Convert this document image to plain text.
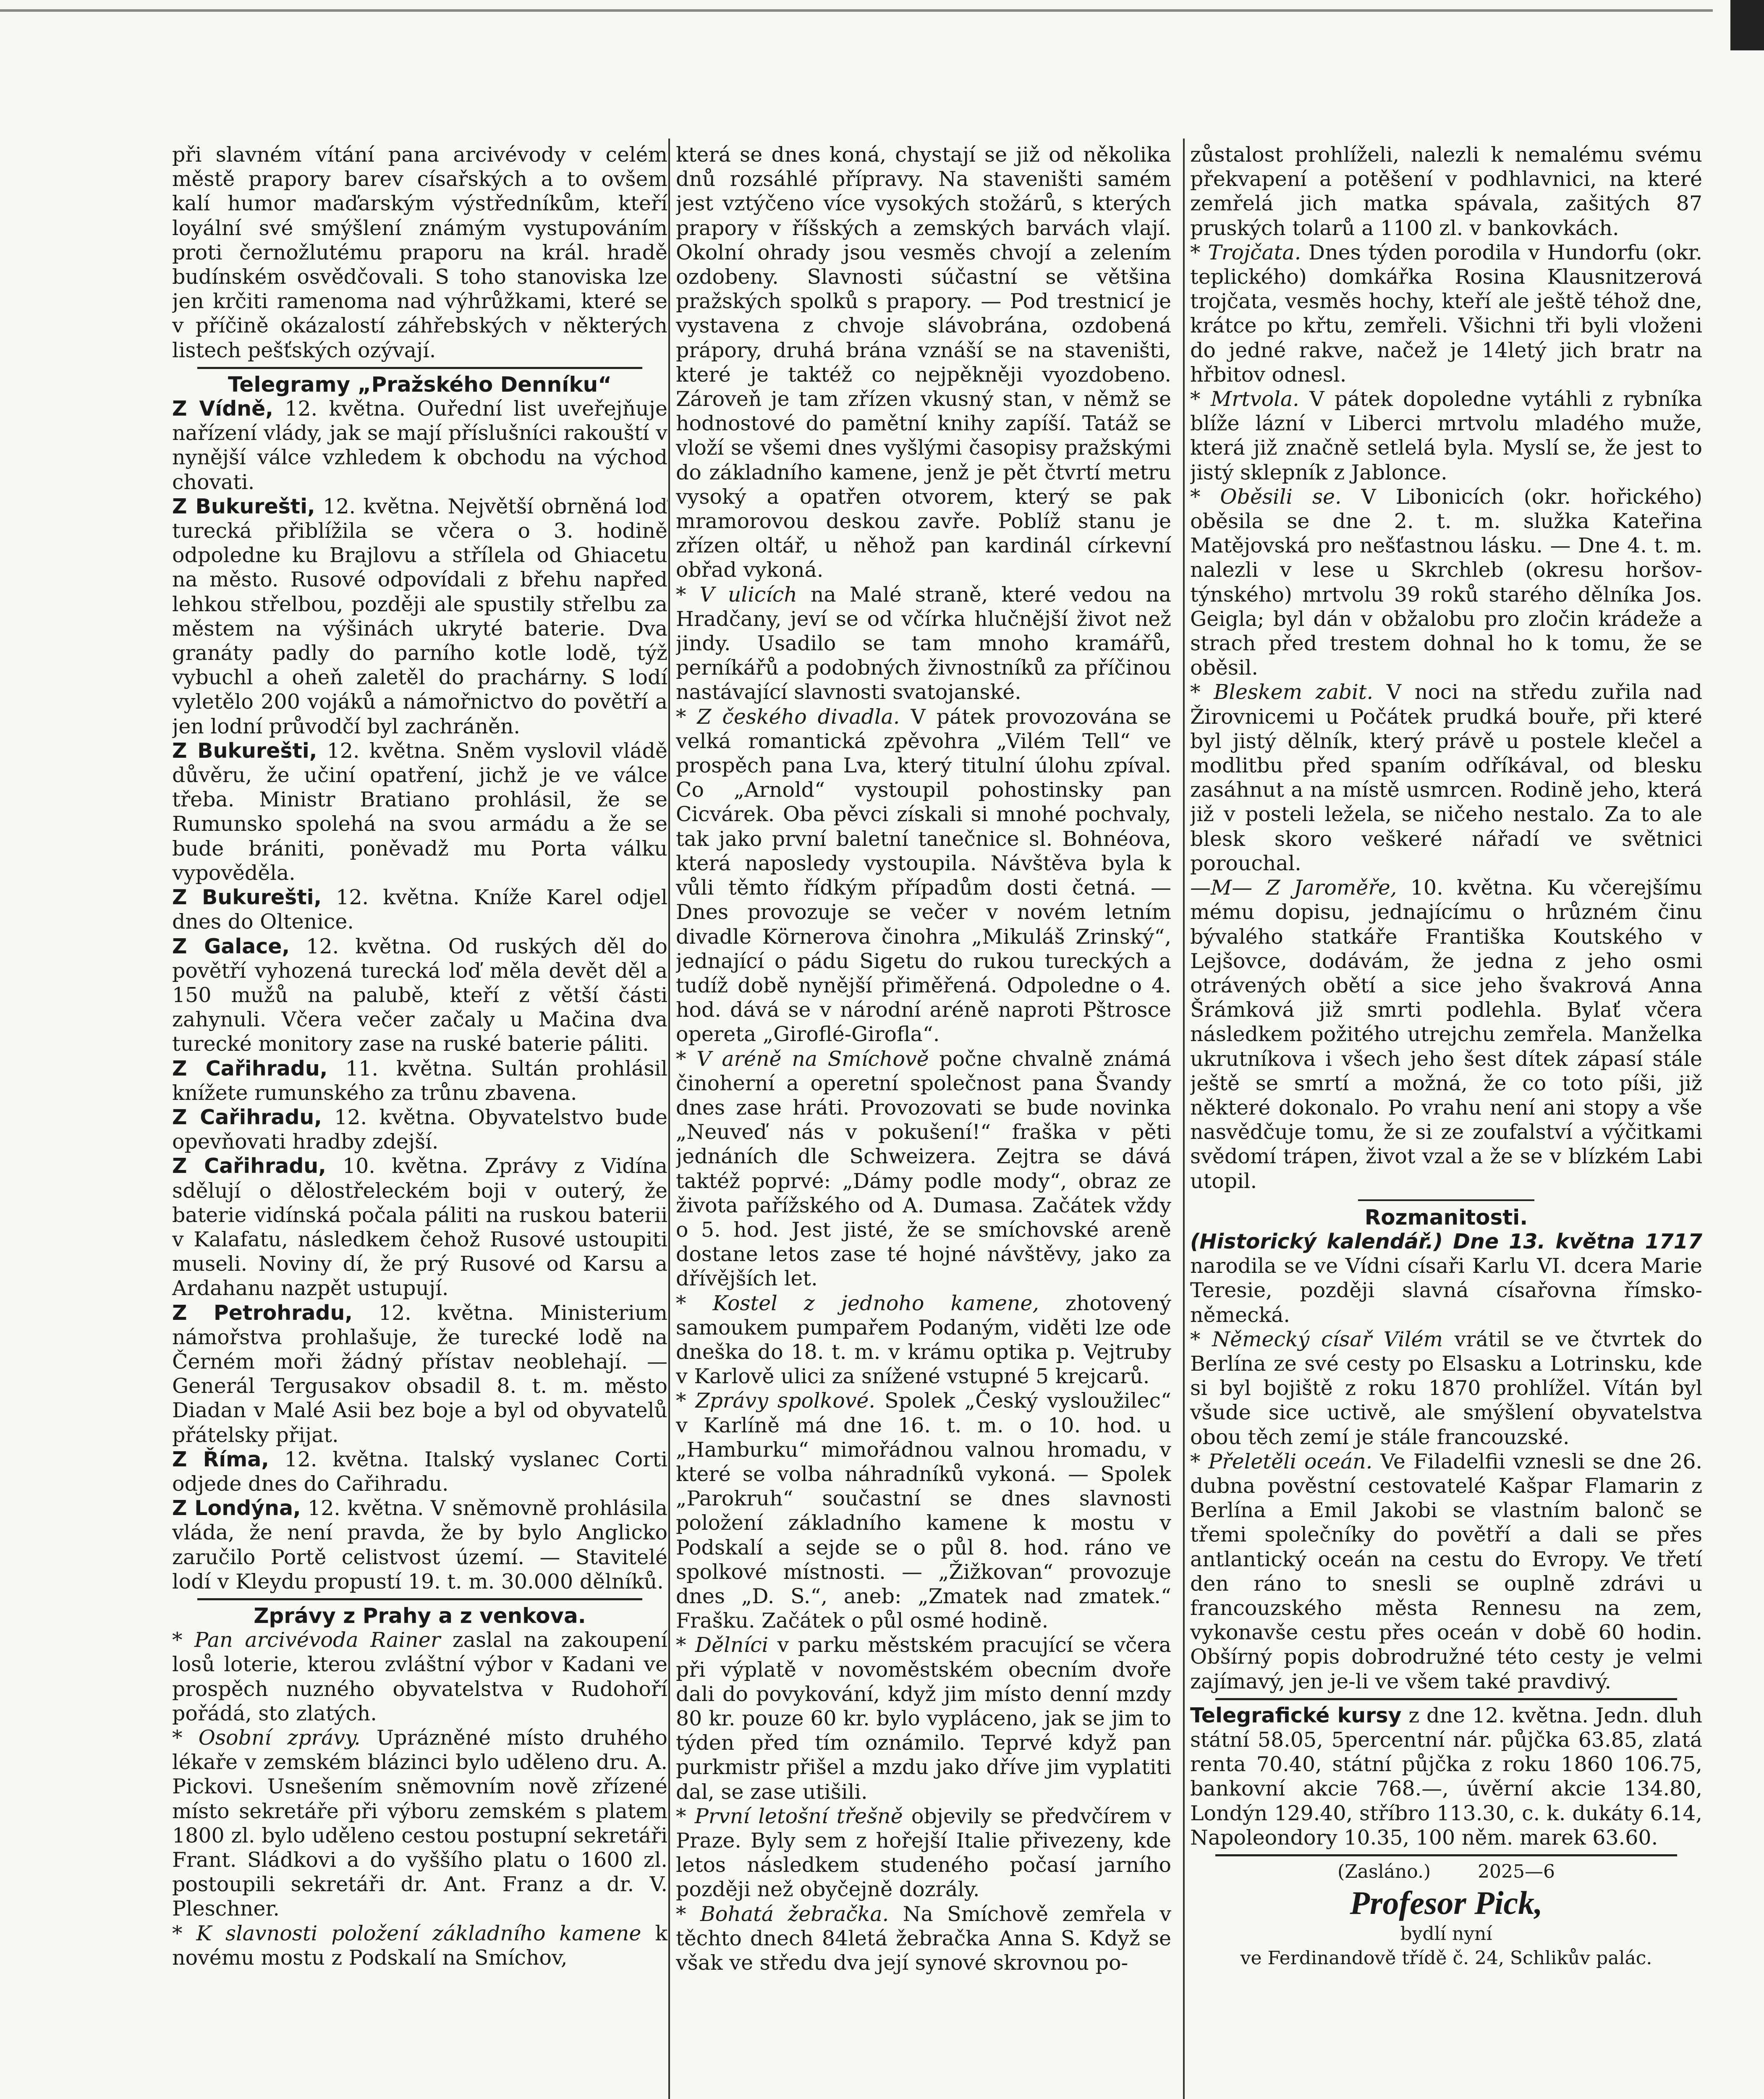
při slavném vítání pana arcivévody v celém městě prapory barev císařských a to ovšem kalí humor maďarským výstředníkům, kteří loyální své smýšlení známým vystupováním proti černožlutému praporu na král. hradě budínském osvědčovali. S toho stanoviska lze jen krčiti ramenoma nad výhrůžkami, které se v příčině okázalostí záhřebských v některých listech pešťských ozývají.

Telegramy „Pražského Denníku“

Z Vídně, 12. května. Ouřední list uveřejňuje nařízení vlády, jak se mají příslušníci rakouští v nynější válce vzhledem k obchodu na východ chovati.

Z Bukurešti, 12. května. Největší obrněná loď turecká přiblížila se včera o 3. hodině odpoledne ku Brajlovu a střílela od Ghiacetu na město. Rusové odpovídali z břehu napřed lehkou střelbou, později ale spustily střelbu za městem na výšinách ukryté baterie. Dva granáty padly do parního kotle lodě, týž vybuchl a oheň zaletěl do prachárny. S lodí vyletělo 200 vojáků a námořnictvo do povětří a jen lodní průvodčí byl zachráněn.

Z Bukurešti, 12. května. Sněm vyslovil vládě důvěru, že učiní opatření, jichž je ve válce třeba. Ministr Bratiano prohlásil, že se Rumunsko spolehá na svou armádu a že se bude brániti, poněvadž mu Porta válku vypověděla.

Z Bukurešti, 12. května. Kníže Karel odjel dnes do Oltenice.

Z Galace, 12. května. Od ruských děl do povětří vyhozená turecká loď měla devět děl a 150 mužů na palubě, kteří z větší části zahynuli. Včera večer začaly u Mačina dva turecké monitory zase na ruské baterie páliti.

Z Cařihradu, 11. května. Sultán prohlásil knížete rumunského za trůnu zbavena.

Z Cařihradu, 12. května. Obyvatelstvo bude opevňovati hradby zdejší.

Z Cařihradu, 10. května. Zprávy z Vidína sdělují o dělostřeleckém boji v outerý, že baterie vidínská počala páliti na ruskou baterii v Kalafatu, následkem čehož Rusové ustoupiti museli. Noviny dí, že prý Rusové od Karsu a Ardahanu nazpět ustupují.

Z Petrohradu, 12. května. Ministerium námořstva prohlašuje, že turecké lodě na Černém moři žádný přístav neoblehají. — Generál Tergusakov obsadil 8. t. m. město Diadan v Malé Asii bez boje a byl od obyvatelů přátelsky přijat.

Z Říma, 12. května. Italský vyslanec Corti odjede dnes do Cařihradu.

Z Londýna, 12. května. V sněmovně prohlásila vláda, že není pravda, že by bylo Anglicko zaručilo Portě celistvost území. — Stavitelé lodí v Kleydu propustí 19. t. m. 30.000 dělníků.

Zprávy z Prahy a z venkova.

* Pan arcivévoda Rainer zaslal na zakoupení losů loterie, kterou zvláštní výbor v Kadani ve prospěch nuzného obyvatelstva v Rudohoří pořádá, sto zlatých.

* Osobní zprávy. Uprázněné místo druhého lékaře v zemském blázinci bylo uděleno dru. A. Pickovi. Usnešením sněmovním nově zřízené místo sekretáře při výboru zemském s platem 1800 zl. bylo uděleno cestou postupní sekretáři Frant. Sládkovi a do vyššího platu o 1600 zl. postoupili sekretáři dr. Ant. Franz a dr. V. Pleschner.

* K slavnosti položení základního kamene k novému mostu z Podskalí na Smíchov,

která se dnes koná, chystají se již od několika dnů rozsáhlé přípravy. Na staveništi samém jest vztýčeno více vysokých stožárů, s kterých prapory v říšských a zemských barvách vlají. Okolní ohrady jsou vesměs chvojí a zelením ozdobeny. Slavnosti súčastní se většina pražských spolků s prapory. — Pod trestnicí je vystavena z chvoje slávobrána, ozdobená prápory, druhá brána vznáší se na staveništi, které je taktéž co nejpěkněji vyozdobeno. Zároveň je tam zřízen vkusný stan, v němž se hodnostové do pamětní knihy zapíší. Tatáž se vloží se všemi dnes vyšlými časopisy pražskými do základního kamene, jenž je pět čtvrtí metru vysoký a opatřen otvorem, který se pak mramorovou deskou zavře. Poblíž stanu je zřízen oltář, u něhož pan kardinál církevní obřad vykoná.

* V ulicích na Malé straně, které vedou na Hradčany, jeví se od včírka hlučnější život než jindy. Usadilo se tam mnoho kramářů, perníkářů a podobných živnostníků za příčinou nastávající slavnosti svatojanské.

* Z českého divadla. V pátek provozována se velká romantická zpěvohra „Vilém Tell“ ve prospěch pana Lva, který titulní úlohu zpíval. Co „Arnold“ vystoupil pohostinsky pan Cicvárek. Oba pěvci získali si mnohé pochvaly, tak jako první baletní tanečnice sl. Bohnéova, která naposledy vystoupila. Návštěva byla k vůli těmto řídkým případům dosti četná. — Dnes provozuje se večer v novém letním divadle Körnerova činohra „Mikuláš Zrinský“, jednající o pádu Sigetu do rukou tureckých a tudíž době nynější přiměřená. Odpoledne o 4. hod. dává se v národní aréně naproti Pštrosce opereta „Giroflé-Girofla“.

* V aréně na Smíchově počne chvalně známá činoherní a operetní společnost pana Švandy dnes zase hráti. Provozovati se bude novinka „Neuveď nás v pokušení!“ fraška v pěti jednáních dle Schweizera. Zejtra se dává taktéž poprvé: „Dámy podle mody“, obraz ze života pařížského od A. Dumasa. Začátek vždy o 5. hod. Jest jisté, že se smíchovské areně dostane letos zase té hojné návštěvy, jako za dřívějších let.

* Kostel z jednoho kamene, zhotovený samoukem pumpařem Podaným, viděti lze ode dneška do 18. t. m. v krámu optika p. Vejtruby v Karlově ulici za snížené vstupné 5 krejcarů.

* Zprávy spolkové. Spolek „Český vysloužilec“ v Karlíně má dne 16. t. m. o 10. hod. u „Hamburku“ mimořádnou valnou hromadu, v které se volba náhradníků vykoná. — Spolek „Parokruh“ součastní se dnes slavnosti položení základního kamene k mostu v Podskalí a sejde se o půl 8. hod. ráno ve spolkové místnosti. — „Žižkovan“ provozuje dnes „D. S.“, aneb: „Zmatek nad zmatek.“ Frašku. Začátek o půl osmé hodině.

* Dělníci v parku městském pracující se včera při výplatě v novoměstském obecním dvoře dali do povykování, když jim místo denní mzdy 80 kr. pouze 60 kr. bylo vypláceno, jak se jim to týden před tím oznámilo. Teprvé když pan purkmistr přišel a mzdu jako dříve jim vyplatiti dal, se zase utišili.

* První letošní třešně objevily se předvčírem v Praze. Byly sem z hořejší Italie přivezeny, kde letos následkem studeného počasí jarního později než obyčejně dozrály.

* Bohatá žebračka. Na Smíchově zemřela v těchto dnech 84letá žebračka Anna S. Když se však ve středu dva její synové skrovnou po-

zůstalost prohlíželi, nalezli k nemalému svému překvapení a potěšení v podhlavnici, na které zemřelá jich matka spávala, zašitých 87 pruských tolarů a 1100 zl. v bankovkách.

* Trojčata. Dnes týden porodila v Hundorfu (okr. teplického) domkářka Rosina Klausnitzerová trojčata, vesměs hochy, kteří ale ještě téhož dne, krátce po křtu, zemřeli. Všichni tři byli vloženi do jedné rakve, načež je 14letý jich bratr na hřbitov odnesl.

* Mrtvola. V pátek dopoledne vytáhli z rybníka blíže lázní v Liberci mrtvolu mladého muže, která již značně setlelá byla. Myslí se, že jest to jistý sklepník z Jablonce.

* Oběsili se. V Libonicích (okr. hořického) oběsila se dne 2. t. m. služka Kateřina Matějovská pro nešťastnou lásku. — Dne 4. t. m. nalezli v lese u Skrchleb (okresu horšov-týnského) mrtvolu 39 roků starého dělníka Jos. Geigla; byl dán v obžalobu pro zločin krádeže a strach před trestem dohnal ho k tomu, že se oběsil.

* Bleskem zabit. V noci na středu zuřila nad Žirovnicemi u Počátek prudká bouře, při které byl jistý dělník, který právě u postele klečel a modlitbu před spaním odříkával, od blesku zasáhnut a na místě usmrcen. Rodině jeho, která již v posteli ležela, se ničeho nestalo. Za to ale blesk skoro veškeré nářadí ve světnici porouchal.

—M— Z Jaroměře, 10. května. Ku včerejšímu mému dopisu, jednajícímu o hrůzném činu bývalého statkáře Františka Koutského v Lejšovce, dodávám, že jedna z jeho osmi otrávených obětí a sice jeho švakrová Anna Šrámková již smrti podlehla. Bylať včera následkem požitého utrejchu zemřela. Manželka ukrutníkova i všech jeho šest dítek zápasí stále ještě se smrtí a možná, že co toto píši, již některé dokonalo. Po vrahu není ani stopy a vše nasvědčuje tomu, že si ze zoufalství a výčitkami svědomí trápen, život vzal a že se v blízkém Labi utopil.

Rozmanitosti.

(Historický kalendář.) Dne 13. května 1717 narodila se ve Vídni císaři Karlu VI. dcera Marie Teresie, později slavná císařovna římsko-německá.

* Německý císař Vilém vrátil se ve čtvrtek do Berlína ze své cesty po Elsasku a Lotrinsku, kde si byl bojiště z roku 1870 prohlížel. Vítán byl všude sice uctivě, ale smýšlení obyvatelstva obou těch zemí je stále francouzské.

* Přeletěli oceán. Ve Filadelfii vznesli se dne 26. dubna pověstní cestovatelé Kašpar Flamarin z Berlína a Emil Jakobi se vlastním balonč se třemi společníky do povětří a dali se přes antlantický oceán na cestu do Evropy. Ve třetí den ráno to snesli se ouplně zdrávi u francouzského města Rennesu na zem, vykonavše cestu přes oceán v době 60 hodin. Obšírný popis dobrodružné této cesty je velmi zajímavý, jen je-li ve všem také pravdivý.

Telegrafické kursy z dne 12. května. Jedn. dluh státní 58.05, 5percentní nár. půjčka 63.85, zlatá renta 70.40, státní půjčka z roku 1860 106.75, bankovní akcie 768.—, úvěrní akcie 134.80, Londýn 129.40, stříbro 113.30, c. k. dukáty 6.14, Napoleondory 10.35, 100 něm. marek 63.60.

(Zasláno.)	2025—6

Profesor Pick,

bydlí nyní

ve Ferdinandově třídě č. 24, Schlikův palác.
